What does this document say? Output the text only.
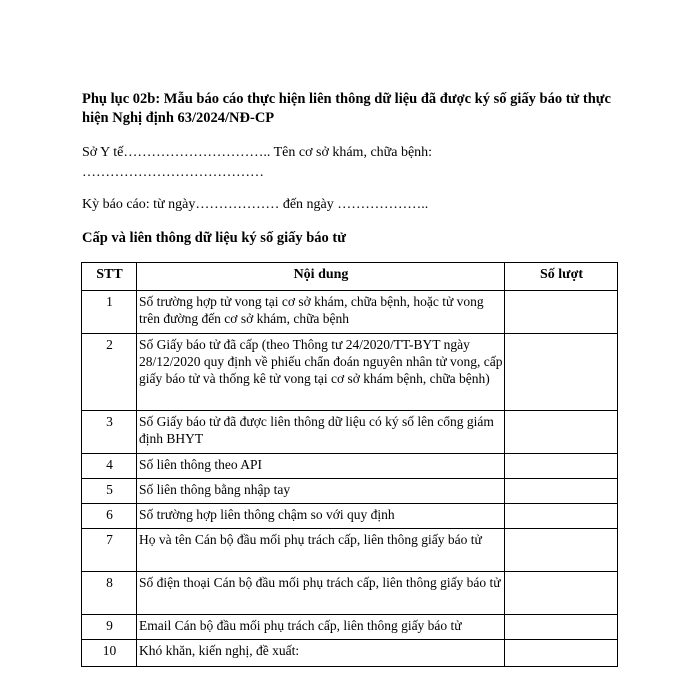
Phụ lục 02b: Mẫu báo cáo thực hiện liên thông dữ liệu đã được ký số giấy báo tử thực hiện Nghị định 63/2024/NĐ-CP
Sở Y tế………………………….. Tên cơ sở khám, chữa bệnh:
…………………………………
Kỳ báo cáo: từ ngày……………… đến ngày ………………..
Cấp và liên thông dữ liệu ký số giấy báo tử
STT	Nội dung	Số lượt
1	Số trường hợp tử vong tại cơ sở khám, chữa bệnh, hoặc tử vong trên đường đến cơ sở khám, chữa bệnh	
2	Số Giấy báo tử đã cấp (theo Thông tư 24/2020/TT-BYT ngày 28/12/2020 quy định về phiếu chẩn đoán nguyên nhân tử vong, cấp giấy báo tử và thống kê tử vong tại cơ sở khám bệnh, chữa bệnh)	
3	Số Giấy báo tử đã được liên thông dữ liệu có ký số lên cổng giám định BHYT	
4	Số liên thông theo API	
5	Số liên thông bằng nhập tay	
6	Số trường hợp liên thông chậm so với quy định	
7	Họ và tên Cán bộ đầu mối phụ trách cấp, liên thông giấy báo tử	
8	Số điện thoại Cán bộ đầu mối phụ trách cấp, liên thông giấy báo tử	
9	Email Cán bộ đầu mối phụ trách cấp, liên thông giấy báo tử	
10	Khó khăn, kiến nghị, đề xuất:	
